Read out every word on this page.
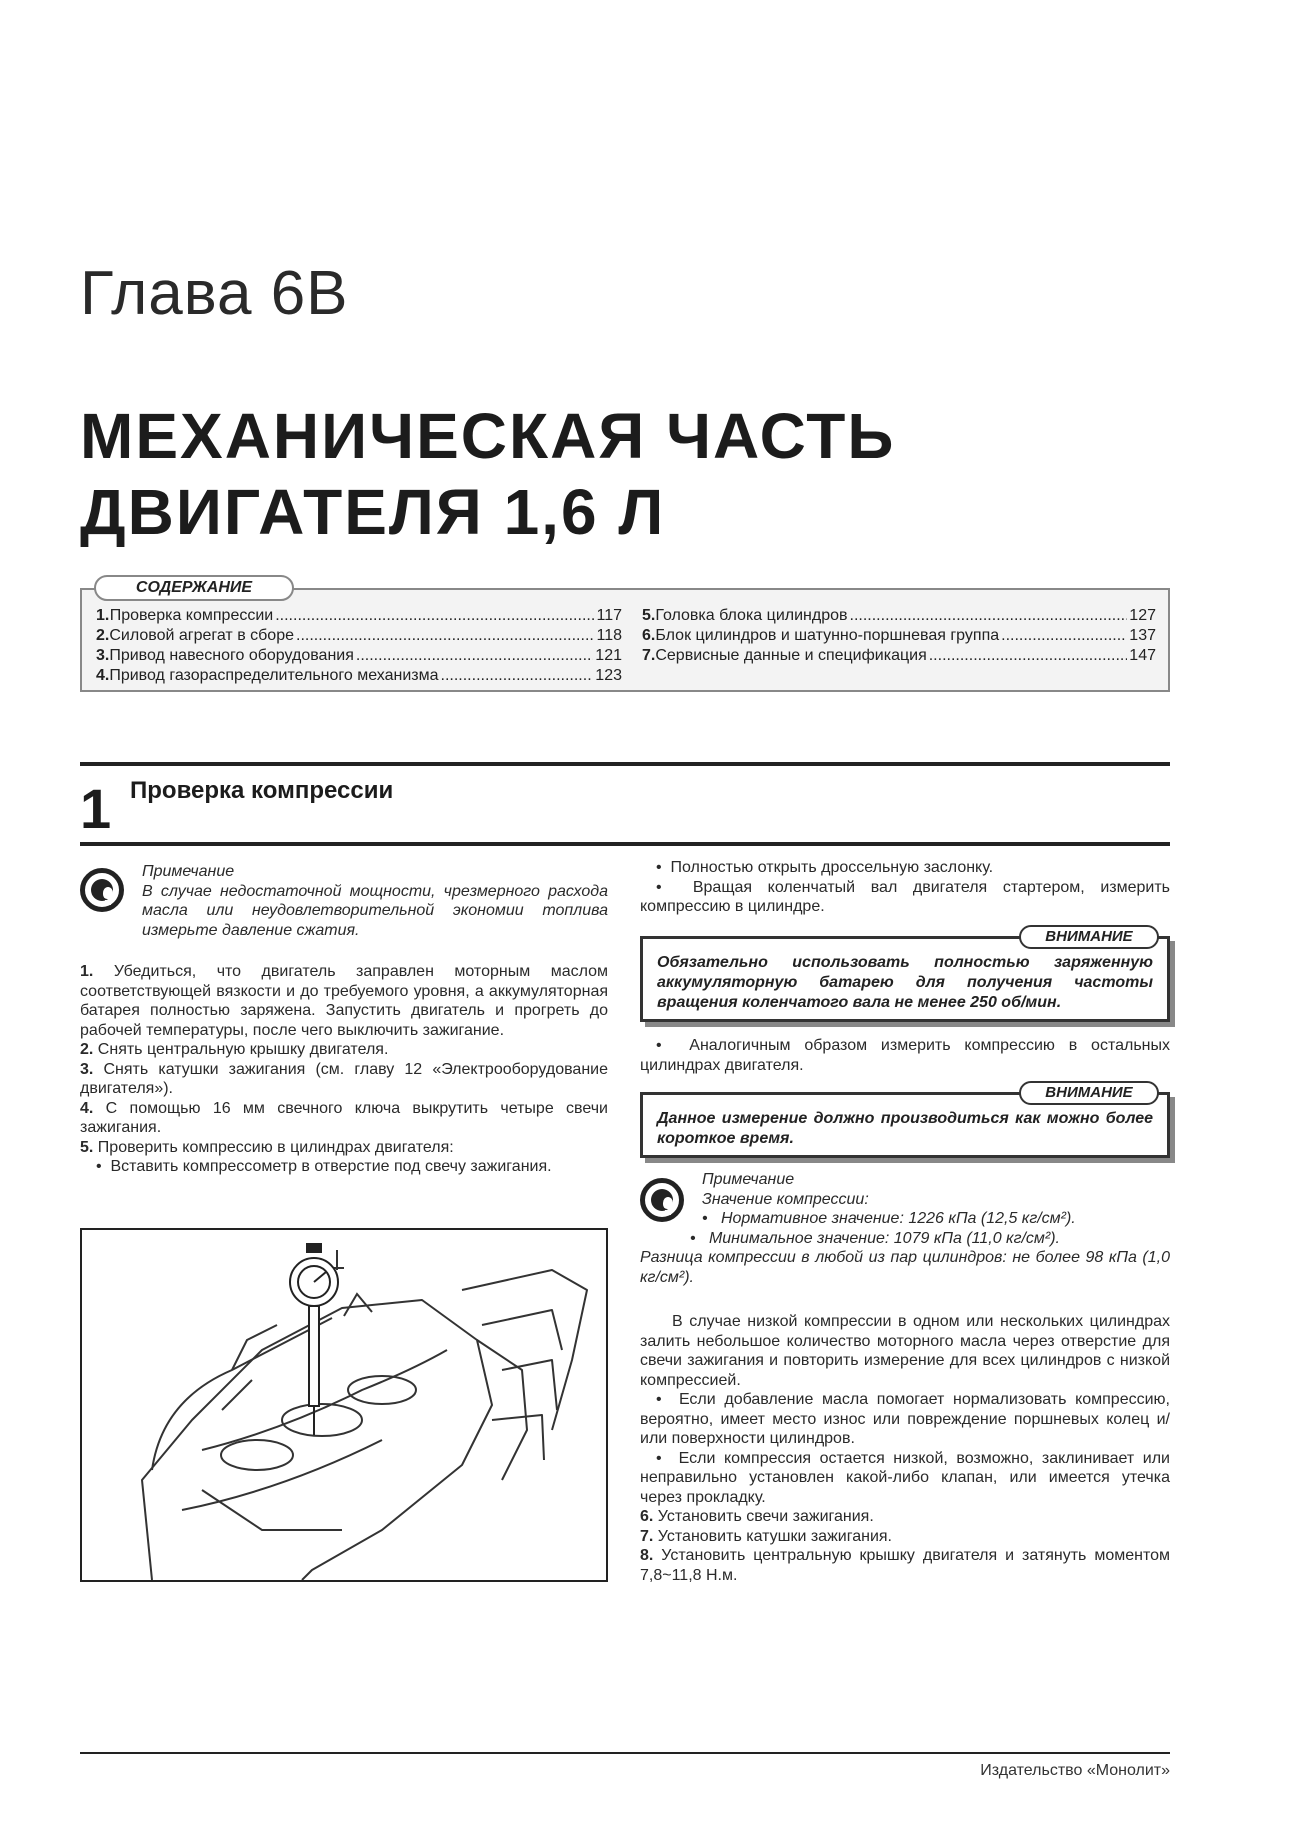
Глава 6В
МЕХАНИЧЕСКАЯ ЧАСТЬ
ДВИГАТЕЛЯ 1,6 Л
СОДЕРЖАНИЕ
1. Проверка компрессии .....	117
2. Силовой агрегат в сборе .....	118
3. Привод навесного оборудования .....	121
4. Привод газораспределительного механизма .....	123
5. Головка блока цилиндров .....	127
6. Блок цилиндров и шатунно-поршневая группа .....	137
7. Сервисные данные и спецификация .....	147
1 Проверка компрессии

Примечание

В случае недостаточной мощности, чрезмерного расхода масла или неудовлетворительной экономии топлива измерьте давление сжатия.

1. Убедиться, что двигатель заправлен моторным маслом соответствующей вязкости и до требуемого уровня, а аккумуляторная батарея полностью заряжена. Запустить двигатель и прогреть до рабочей температуры, после чего выключить зажигание.

2. Снять центральную крышку двигателя.

3. Снять катушки зажигания (см. главу 12 «Электрооборудование двигателя»).

4. С помощью 16 мм свечного ключа выкрутить четыре свечи зажигания.

5. Проверить компрессию в цилиндрах двигателя:

•  Вставить компрессометр в отверстие под свечу зажигания.

•  Полностью открыть дроссельную заслонку.

•  Вращая коленчатый вал двигателя стартером, измерить компрессию в цилиндре.

ВНИМАНИЕ
Обязательно использовать полностью заряженную аккумуляторную батарею для получения частоты вращения коленчатого вала не менее 250 об/мин.

•  Аналогичным образом измерить компрессию в остальных цилиндрах двигателя.

ВНИМАНИЕ
Данное измерение должно производиться как можно более короткое время.

Примечание

Значение компрессии:

•   Нормативное значение: 1226 кПа (12,5 кг/см²).

•   Минимальное значение: 1079 кПа (11,0 кг/см²).

Разница компрессии в любой из пар цилиндров: не более 98 кПа (1,0 кг/см²).

В случае низкой компрессии в одном или нескольких цилиндрах залить небольшое количество моторного масла через отверстие для свечи зажигания и повторить измерение для всех цилиндров с низкой компрессией.

•  Если добавление масла помогает нормализовать компрессию, вероятно, имеет место износ или повреждение поршневых колец и/или поверхности цилиндров.

•  Если компрессия остается низкой, возможно, заклинивает или неправильно установлен какой-либо клапан, или имеется утечка через прокладку.

6. Установить свечи зажигания.

7. Установить катушки зажигания.

8. Установить центральную крышку двигателя и затянуть моментом 7,8~11,8 Н.м.

Издательство «Монолит»
